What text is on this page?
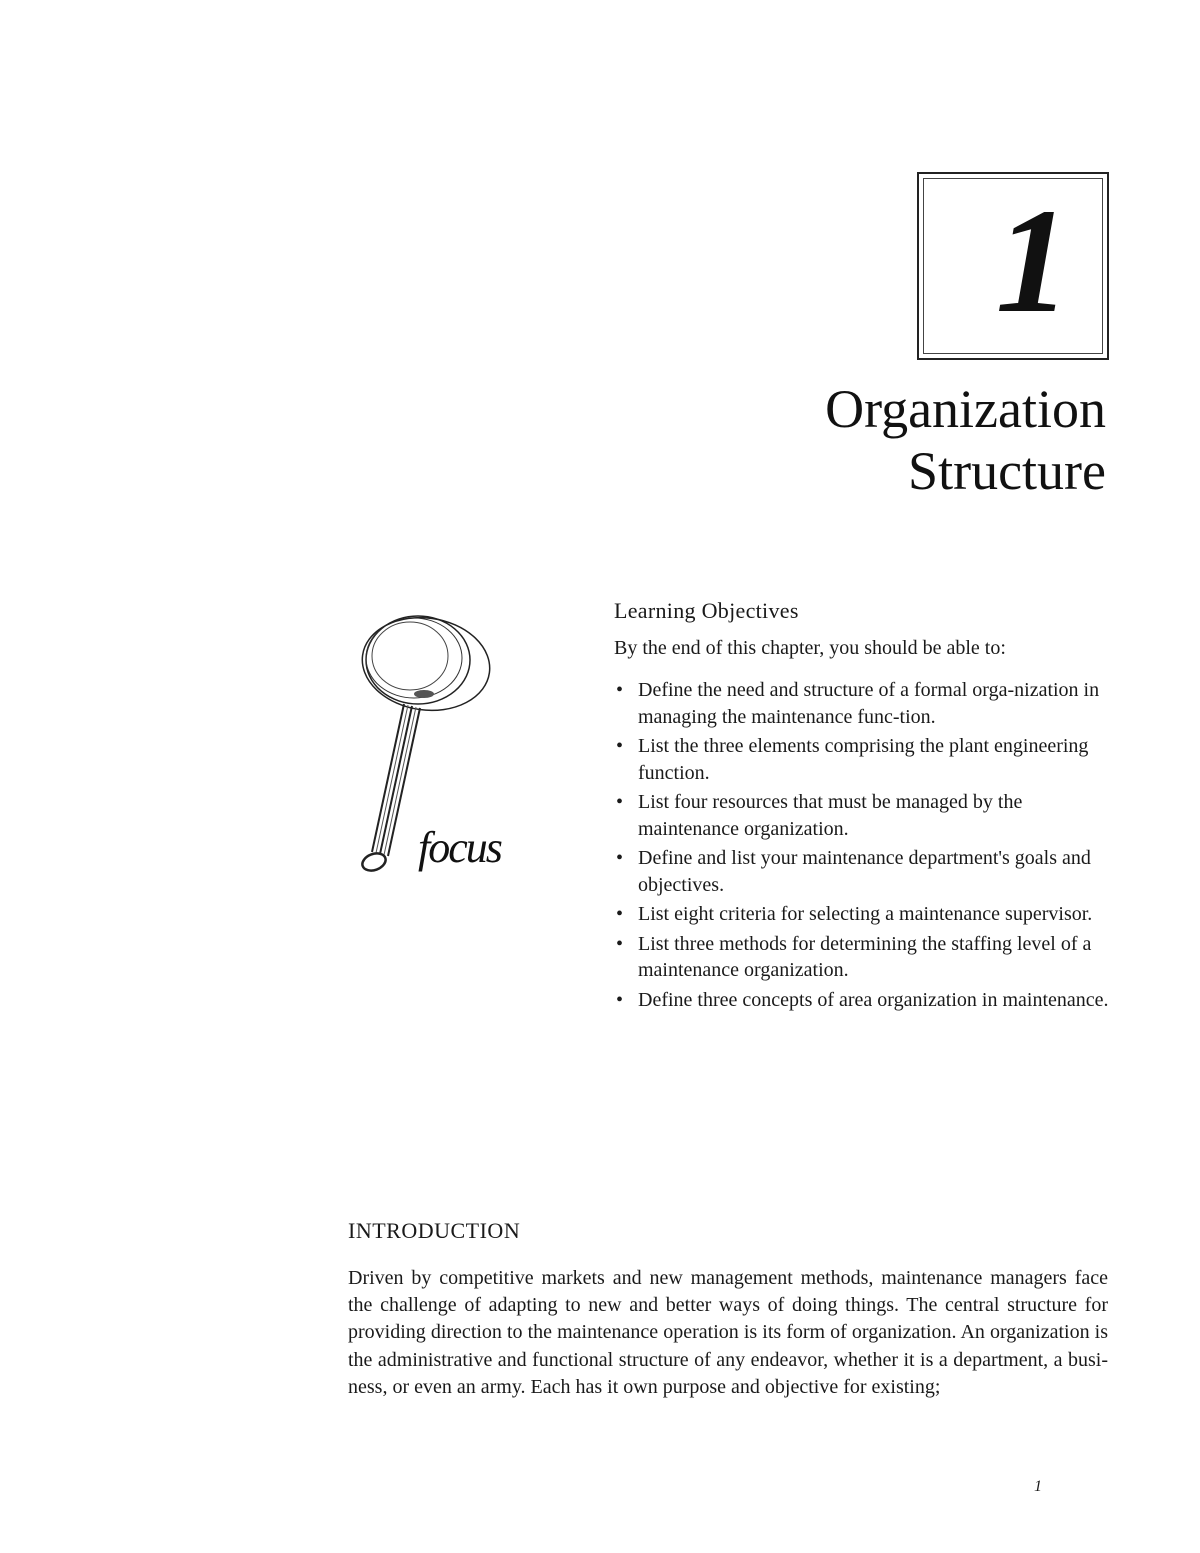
1
Organization
Structure
focus
Learning Objectives
By the end of this chapter, you should be able to:
• Define the need and structure of a formal orga-nization in managing the maintenance func-tion.
• List the three elements comprising the plant engineering function.
• List four resources that must be managed by the maintenance organization.
• Define and list your maintenance department's goals and objectives.
• List eight criteria for selecting a maintenance supervisor.
• List three methods for determining the staffing level of a maintenance organization.
• Define three concepts of area organization in maintenance.
INTRODUCTION

Driven by competitive markets and new management methods, maintenance managers face the challenge of adapting to new and better ways of doing things. The central structure for providing direction to the maintenance operation is its form of organization. An organization is the administrative and functional structure of any endeavor, whether it is a department, a busi-ness, or even an army. Each has it own purpose and objective for existing;

1
